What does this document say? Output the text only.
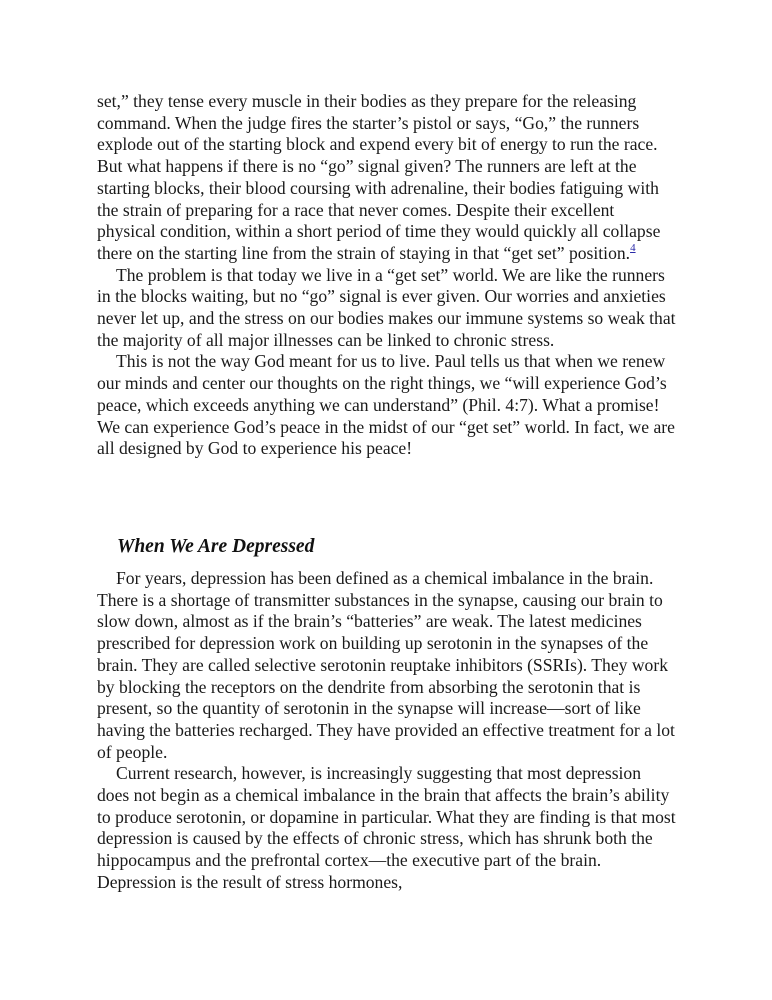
set,” they tense every muscle in their bodies as they prepare for the releasing command. When the judge fires the starter’s pistol or says, “Go,” the runners explode out of the starting block and expend every bit of energy to run the race. But what happens if there is no “go” signal given? The runners are left at the starting blocks, their blood coursing with adrenaline, their bodies fatiguing with the strain of preparing for a race that never comes. Despite their excellent physical condition, within a short period of time they would quickly all collapse there on the starting line from the strain of staying in that “get set” position.$^4$

The problem is that today we live in a “get set” world. We are like the runners in the blocks waiting, but no “go” signal is ever given. Our worries and anxieties never let up, and the stress on our bodies makes our immune systems so weak that the majority of all major illnesses can be linked to chronic stress.

This is not the way God meant for us to live. Paul tells us that when we renew our minds and center our thoughts on the right things, we “will experience God’s peace, which exceeds anything we can understand” (Phil. 4:7). What a promise! We can experience God’s peace in the midst of our “get set” world. In fact, we are all designed by God to experience his peace!

When We Are Depressed

For years, depression has been defined as a chemical imbalance in the brain. There is a shortage of transmitter substances in the synapse, causing our brain to slow down, almost as if the brain’s “batteries” are weak. The latest medicines prescribed for depression work on building up serotonin in the synapses of the brain. They are called selective serotonin reuptake inhibitors (SSRIs). They work by blocking the receptors on the dendrite from absorbing the serotonin that is present, so the quantity of serotonin in the synapse will increase—sort of like having the batteries recharged. They have provided an effective treatment for a lot of people.

Current research, however, is increasingly suggesting that most depression does not begin as a chemical imbalance in the brain that affects the brain’s ability to produce serotonin, or dopamine in particular. What they are finding is that most depression is caused by the effects of chronic stress, which has shrunk both the hippocampus and the prefrontal cortex—the executive part of the brain. Depression is the result of stress hormones,
